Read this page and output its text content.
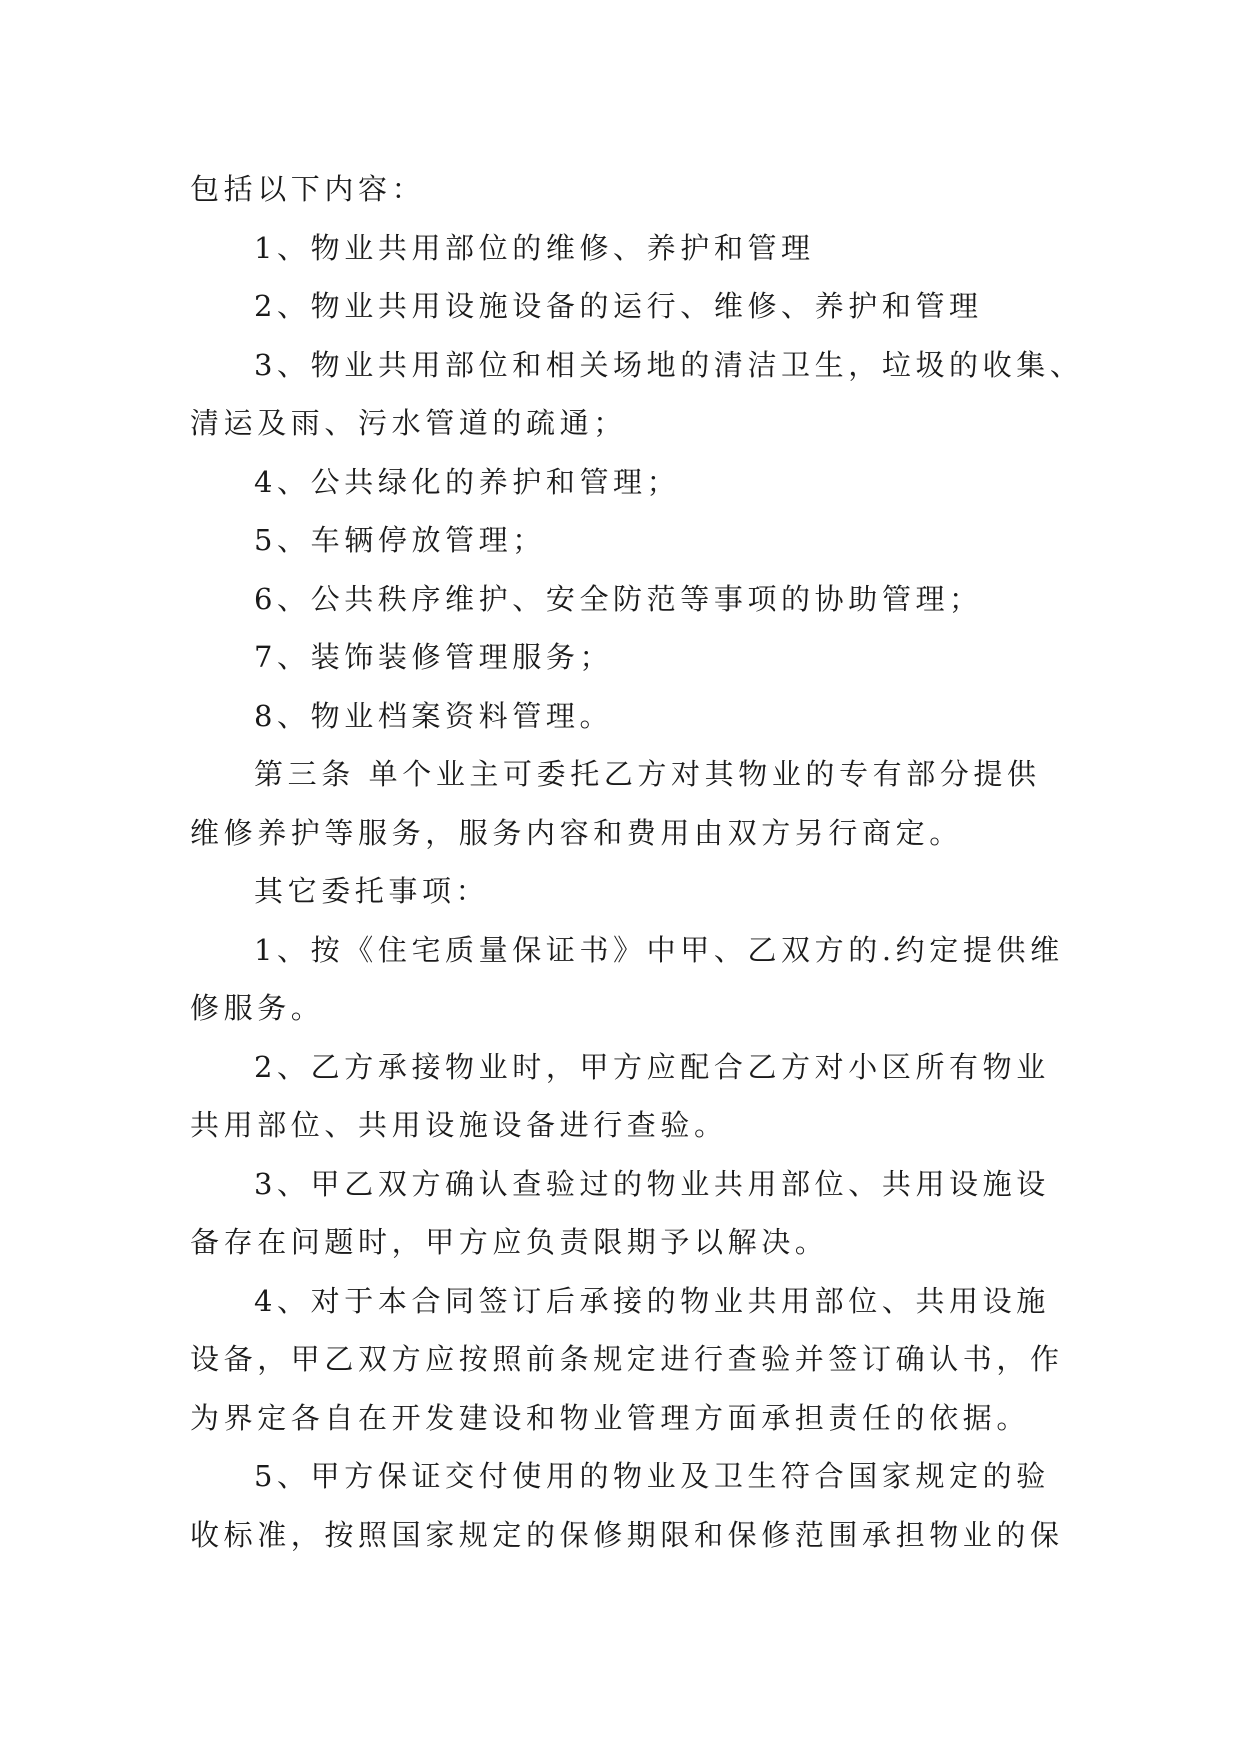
包括以下内容：
1、物业共用部位的维修、养护和管理
2、物业共用设施设备的运行、维修、养护和管理
3、物业共用部位和相关场地的清洁卫生，垃圾的收集、
清运及雨、污水管道的疏通；
4、公共绿化的养护和管理；
5、车辆停放管理；
6、公共秩序维护、安全防范等事项的协助管理；
7、装饰装修管理服务；
8、物业档案资料管理。
第三条 单个业主可委托乙方对其物业的专有部分提供
维修养护等服务，服务内容和费用由双方另行商定。
其它委托事项：
1、按《住宅质量保证书》中甲、乙双方的.约定提供维
修服务。
2、乙方承接物业时，甲方应配合乙方对小区所有物业
共用部位、共用设施设备进行查验。
3、甲乙双方确认查验过的物业共用部位、共用设施设
备存在问题时，甲方应负责限期予以解决。
4、对于本合同签订后承接的物业共用部位、共用设施
设备，甲乙双方应按照前条规定进行查验并签订确认书，作
为界定各自在开发建设和物业管理方面承担责任的依据。
5、甲方保证交付使用的物业及卫生符合国家规定的验
收标准，按照国家规定的保修期限和保修范围承担物业的保
